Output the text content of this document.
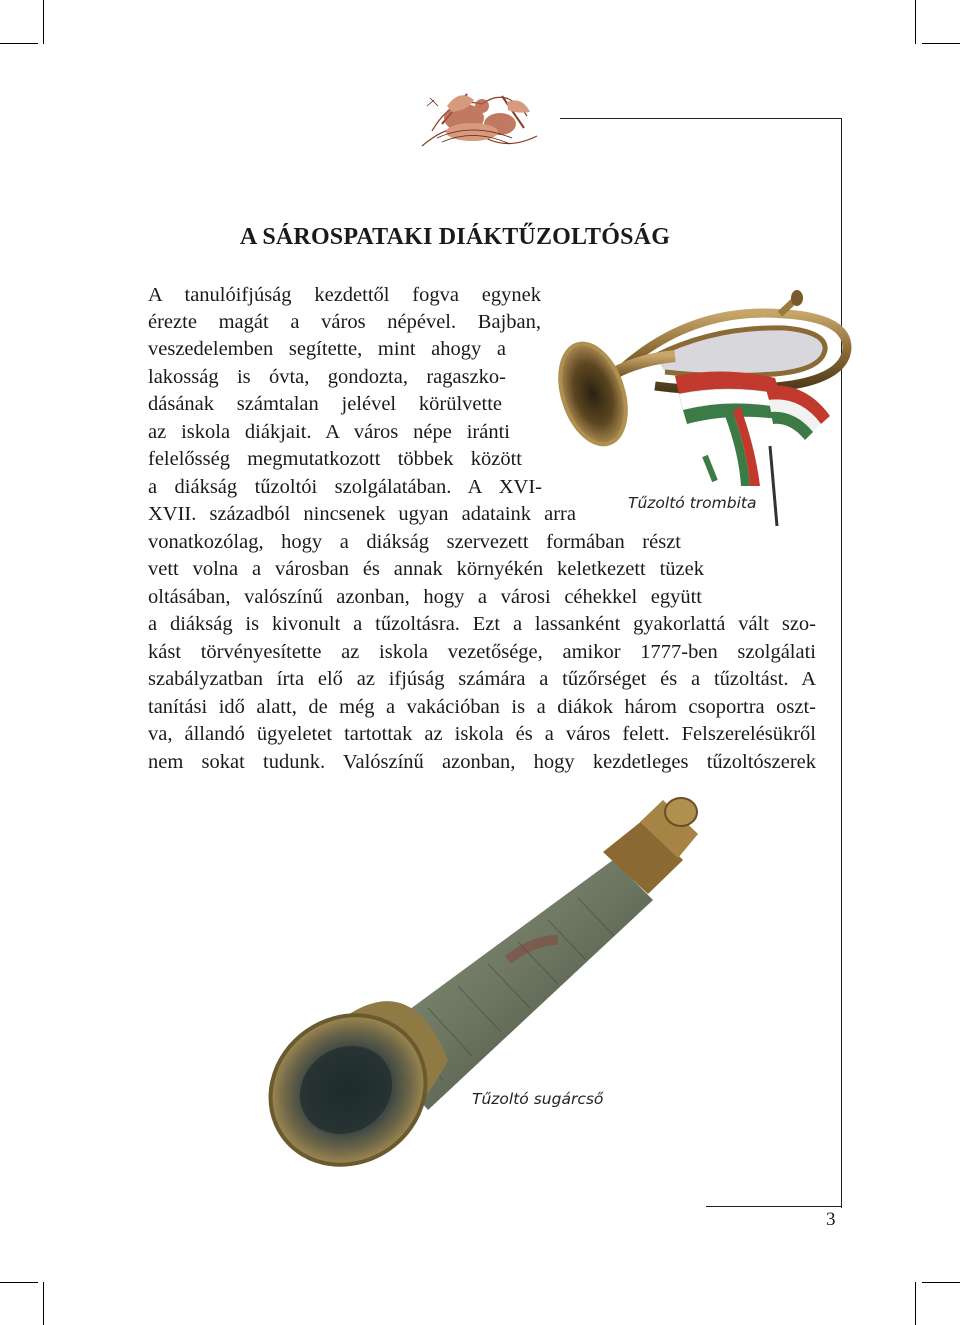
A SÁROSPATAKI DIÁKTŰZOLTÓSÁG
A tanulóifjúság kezdettől fogva egynek
érezte magát a város népével. Bajban,
veszedelemben segítette, mint ahogy a
lakosság is óvta, gondozta, ragaszko-
dásának számtalan jelével körülvette
az iskola diákjait. A város népe iránti
felelősség megmutatkozott többek között
a diákság tűzoltói szolgálatában. A XVI-
XVII. századból nincsenek ugyan adataink arra
vonatkozólag, hogy a diákság szervezett formában részt
vett volna a városban és annak környékén keletkezett tüzek
oltásában, valószínű azonban, hogy a városi céhekkel együtt
a diákság is kivonult a tűzoltásra. Ezt a lassanként gyakorlattá vált szo-
kást törvényesítette az iskola vezetősége, amikor 1777-ben szolgálati
szabályzatban írta elő az ifjúság számára a tűzőrséget és a tűzoltást. A
tanítási idő alatt, de még a vakációban is a diákok három csoportra oszt-
va, állandó ügyeletet tartottak az iskola és a város felett. Felszerelésükről
nem sokat tudunk. Valószínű azonban, hogy kezdetleges tűzoltószerek
Tűzoltó trombita
Tűzoltó sugárcső
3
